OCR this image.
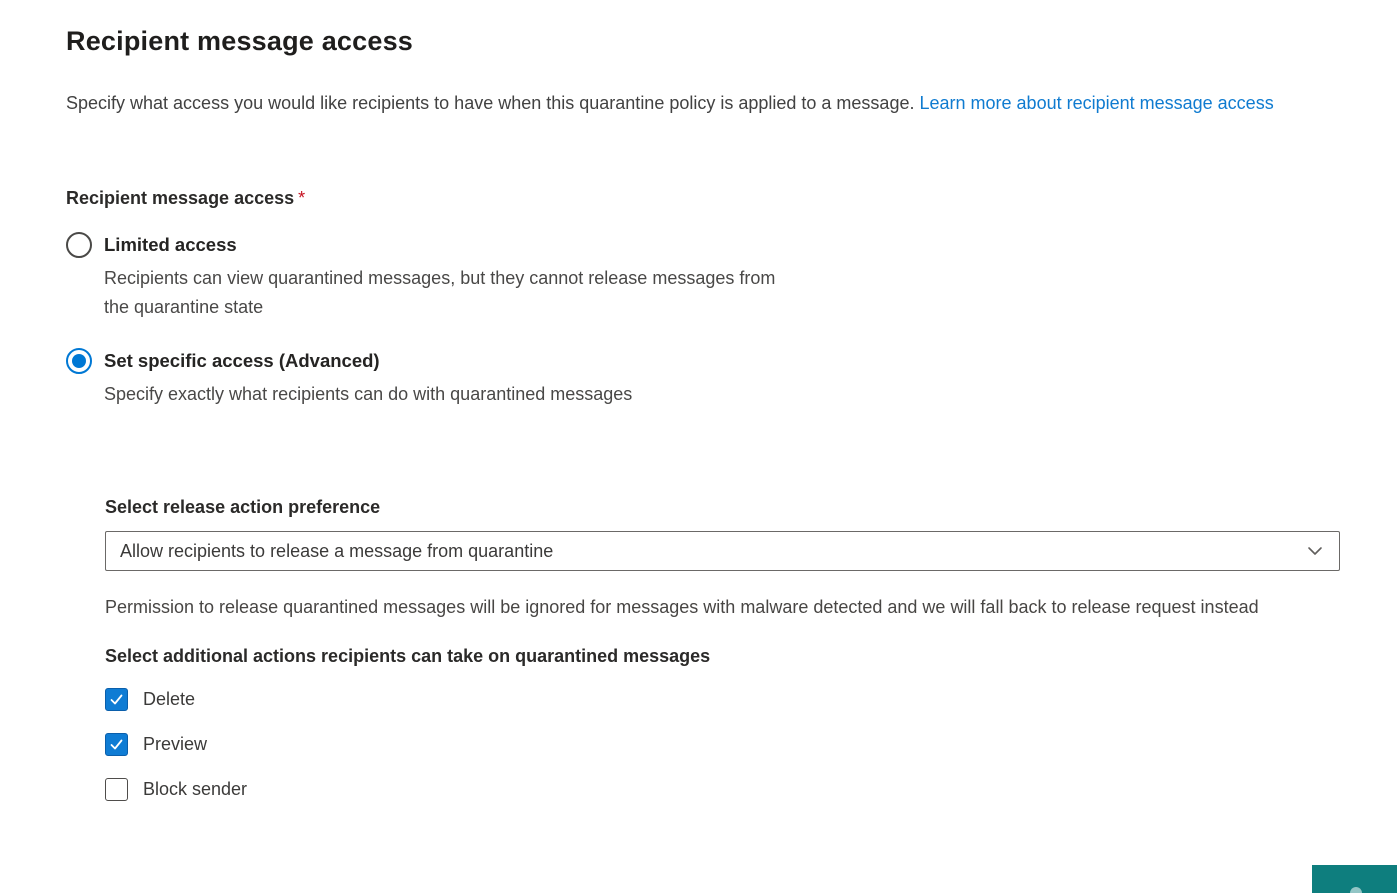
Recipient message access

Specify what access you would like recipients to have when this quarantine policy is applied to a message. Learn more about recipient message access

Recipient message access *
Limited access
Recipients can view quarantined messages, but they cannot release messages from the quarantine state
Set specific access (Advanced)
Specify exactly what recipients can do with quarantined messages
Select release action preference
Allow recipients to release a message from quarantine
Permission to release quarantined messages will be ignored for messages with malware detected and we will fall back to release request instead
Select additional actions recipients can take on quarantined messages
Delete
Preview
Block sender
